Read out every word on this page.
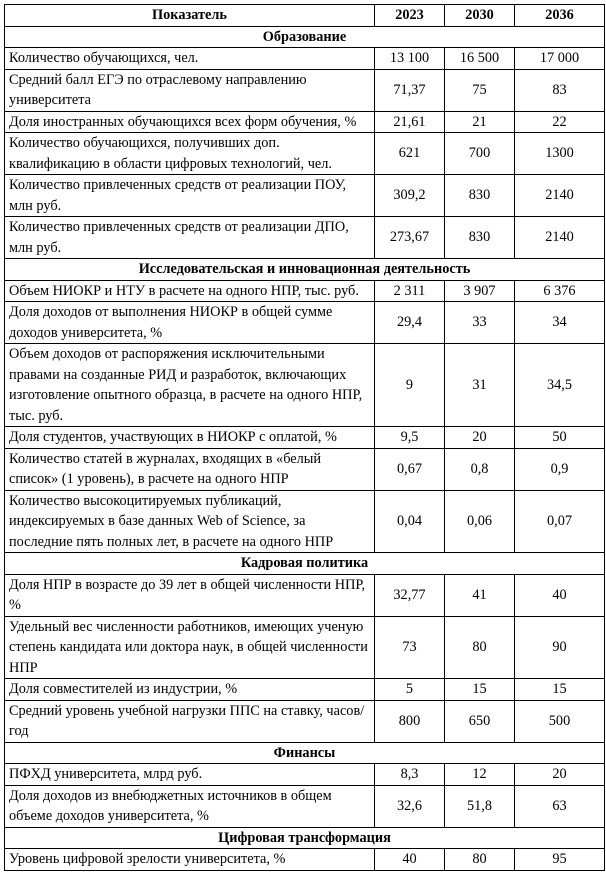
Показатель	2023	2030	2036
Образование			
Количество обучающихся, чел.	13 100	16 500	17 000
Средний балл ЕГЭ по отраслевому направлению университета	71,37	75	83
Доля иностранных обучающихся всех форм обучения, %	21,61	21	22
Количество обучающихся, получивших доп. квалификацию в области цифровых технологий, чел.	621	700	1300
Количество привлеченных средств от реализации ПОУ, млн руб.	309,2	830	2140
Количество привлеченных средств от реализации ДПО, млн руб.	273,67	830	2140
Исследовательская и инновационная деятельность			
Объем НИОКР и НТУ в расчете на одного НПР, тыс. руб.	2 311	3 907	6 376
Доля доходов от выполнения НИОКР в общей сумме доходов университета, %	29,4	33	34
Объем доходов от распоряжения исключительными правами на созданные РИД и разработок, включающих изготовление опытного образца, в расчете на одного НПР, тыс. руб.	9	31	34,5
Доля студентов, участвующих в НИОКР с оплатой, %	9,5	20	50
Количество статей в журналах, входящих в «белый список» (1 уровень), в расчете на одного НПР	0,67	0,8	0,9
Количество высокоцитируемых публикаций, индексируемых в базе данных Web of Science, за последние пять полных лет, в расчете на одного НПР	0,04	0,06	0,07
Кадровая политика			
Доля НПР в возрасте до 39 лет в общей численности НПР, %	32,77	41	40
Удельный вес численности работников, имеющих ученую степень кандидата или доктора наук, в общей численности НПР	73	80	90
Доля совместителей из индустрии, %	5	15	15
Средний уровень учебной нагрузки ППС на ставку, часов/год	800	650	500
Финансы			
ПФХД университета, млрд руб.	8,3	12	20
Доля доходов из внебюджетных источников в общем объеме доходов университета, %	32,6	51,8	63
Цифровая трансформация			
Уровень цифровой зрелости университета, %	40	80	95
